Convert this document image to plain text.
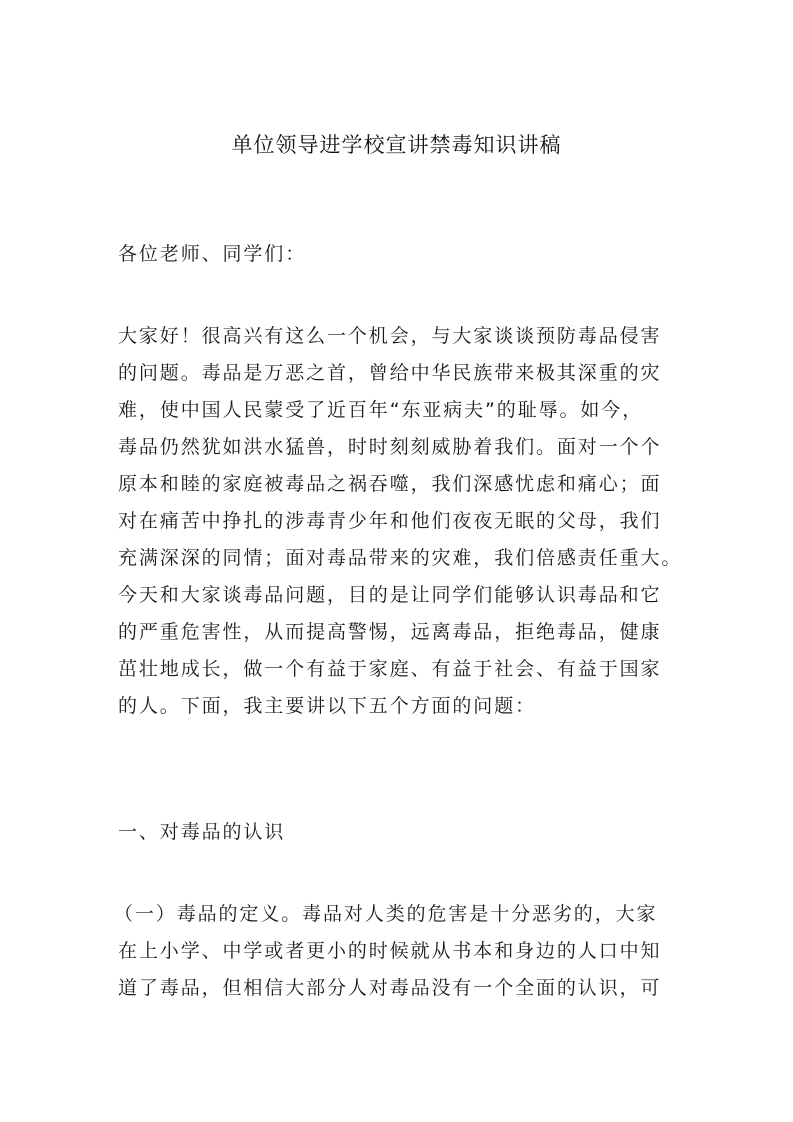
单位领导进学校宣讲禁毒知识讲稿
各位老师、同学们：
大家好！很高兴有这么一个机会，与大家谈谈预防毒品侵害
的问题。毒品是万恶之首，曾给中华民族带来极其深重的灾
难，使中国人民蒙受了近百年“东亚病夫”的耻辱。如今，
毒品仍然犹如洪水猛兽，时时刻刻威胁着我们。面对一个个
原本和睦的家庭被毒品之祸吞噬，我们深感忧虑和痛心；面
对在痛苦中挣扎的涉毒青少年和他们夜夜无眠的父母，我们
充满深深的同情；面对毒品带来的灾难，我们倍感责任重大。
今天和大家谈毒品问题，目的是让同学们能够认识毒品和它
的严重危害性，从而提高警惕，远离毒品，拒绝毒品，健康
茁壮地成长，做一个有益于家庭、有益于社会、有益于国家
的人。下面，我主要讲以下五个方面的问题：
一、对毒品的认识
（一）毒品的定义。毒品对人类的危害是十分恶劣的，大家
在上小学、中学或者更小的时候就从书本和身边的人口中知
道了毒品，但相信大部分人对毒品没有一个全面的认识，可
